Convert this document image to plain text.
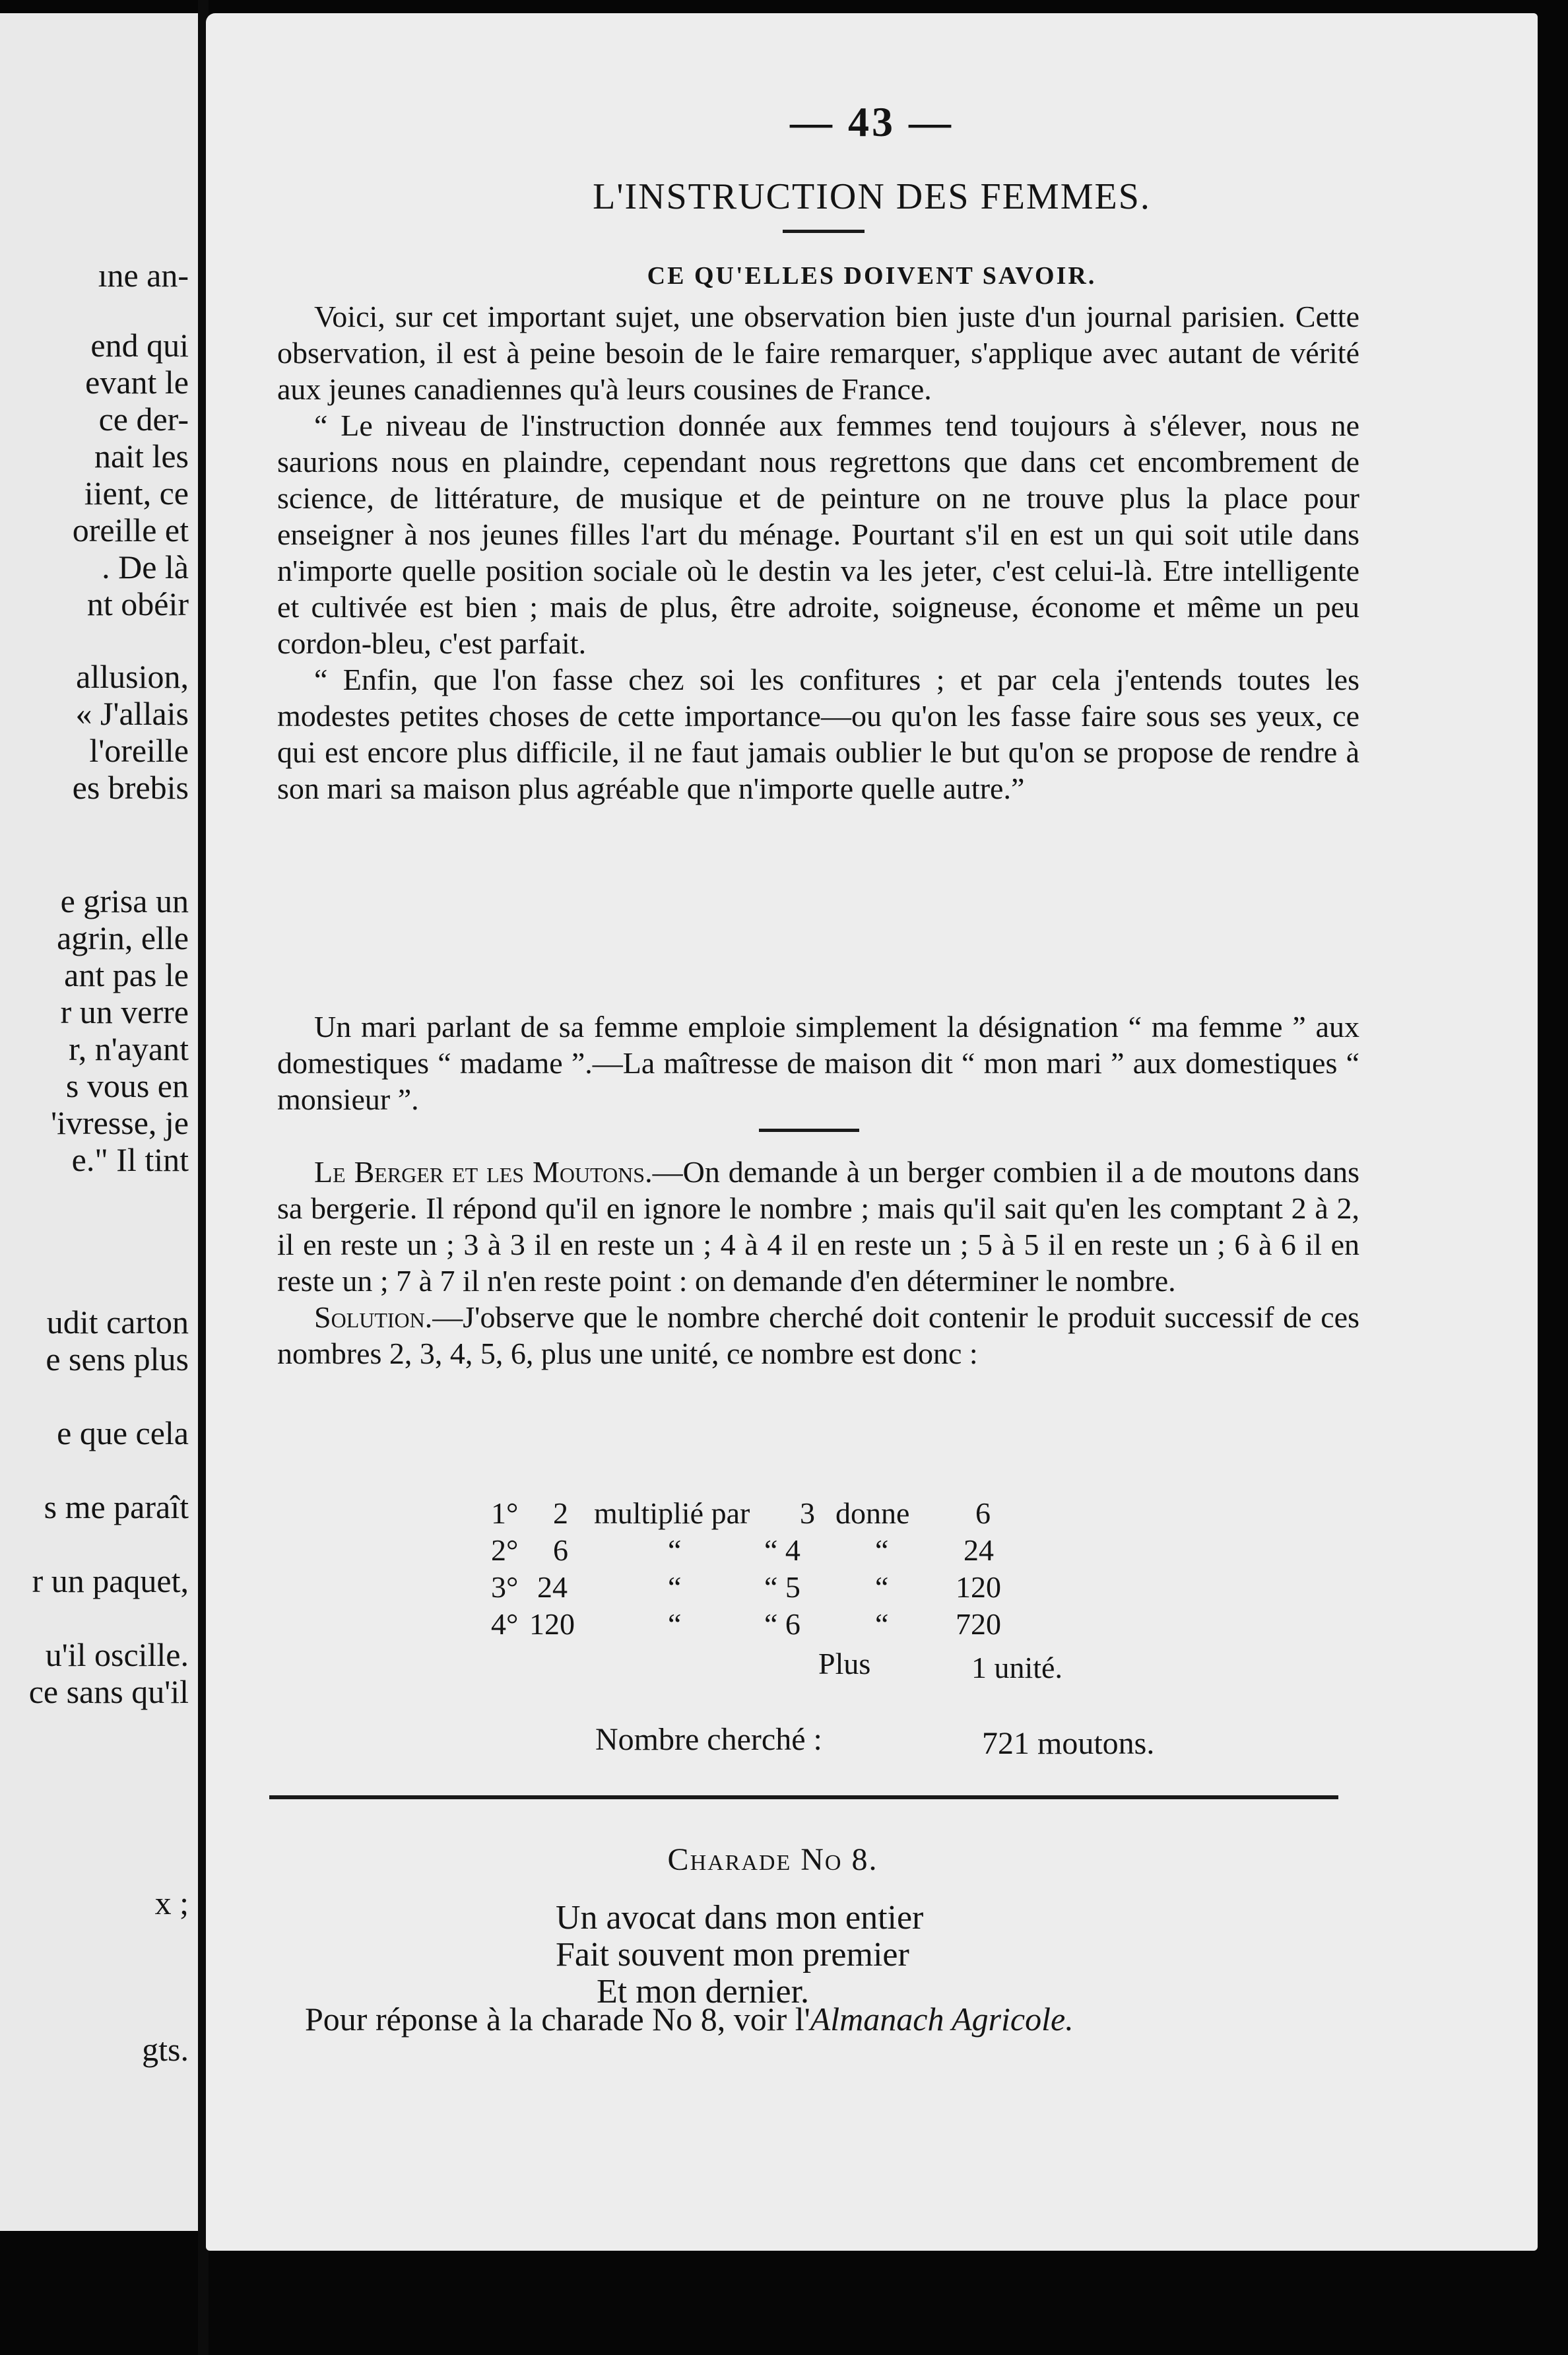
ıne an-
end qui
evant le
ce der-
nait les
iient, ce
oreille et
. De là
nt obéir
allusion,
« J'allais
l'oreille
es brebis
e grisa un
agrin, elle
ant pas le
r un verre
r, n'ayant
s vous en
'ivresse, je
e." Il tint
udit carton
e sens plus
e que cela
s me paraît
r un paquet,
u'il oscille.
ce sans qu'il
x ;
gts.
— 43 —
L'INSTRUCTION DES FEMMES.
CE QU'ELLES DOIVENT SAVOIR.

Voici, sur cet important sujet, une observation bien juste d'un journal parisien. Cette observation, il est à peine besoin de le faire remarquer, s'applique avec autant de vérité aux jeunes canadiennes qu'à leurs cousines de France.

“ Le niveau de l'instruction donnée aux femmes tend toujours à s'élever, nous ne saurions nous en plaindre, cependant nous regrettons que dans cet encombrement de science, de littérature, de musique et de peinture on ne trouve plus la place pour enseigner à nos jeunes filles l'art du ménage. Pourtant s'il en est un qui soit utile dans n'importe quelle position sociale où le destin va les jeter, c'est celui-là. Etre intelligente et cultivée est bien ; mais de plus, être adroite, soigneuse, économe et même un peu cordon-bleu, c'est parfait.

“ Enfin, que l'on fasse chez soi les confitures ; et par cela j'entends toutes les modestes petites choses de cette importance—ou qu'on les fasse faire sous ses yeux, ce qui est encore plus difficile, il ne faut jamais oublier le but qu'on se propose de rendre à son mari sa maison plus agréable que n'importe quelle autre.”

Un mari parlant de sa femme emploie simplement la désignation “ ma femme ” aux domestiques “ madame ”.—La maîtresse de maison dit “ mon mari ” aux domestiques “ monsieur ”.

Le Berger et les Moutons.—On demande à un berger combien il a de moutons dans sa bergerie. Il répond qu'il en ignore le nombre ; mais qu'il sait qu'en les comptant 2 à 2, il en reste un ; 3 à 3 il en reste un ; 4 à 4 il en reste un ; 5 à 5 il en reste un ; 6 à 6 il en reste un ; 7 à 7 il n'en reste point : on demande d'en déterminer le nombre.

Solution.—J'observe que le nombre cherché doit contenir le produit successif de ces nombres 2, 3, 4, 5, 6, plus une unité, ce nombre est donc :

1° 2 multiplié par 3 donne 6
2° 6	“	“ 4 “ 24
3° 24	“	“ 5 “ 120
4° 120	“	“ 6 “ 720
Plus	1 unité.
Nombre cherché :	721 moutons.
Charade No 8.
Un avocat dans mon entier
Fait souvent mon premier
Et mon dernier.
Pour réponse à la charade No 8, voir l'Almanach Agricole.
